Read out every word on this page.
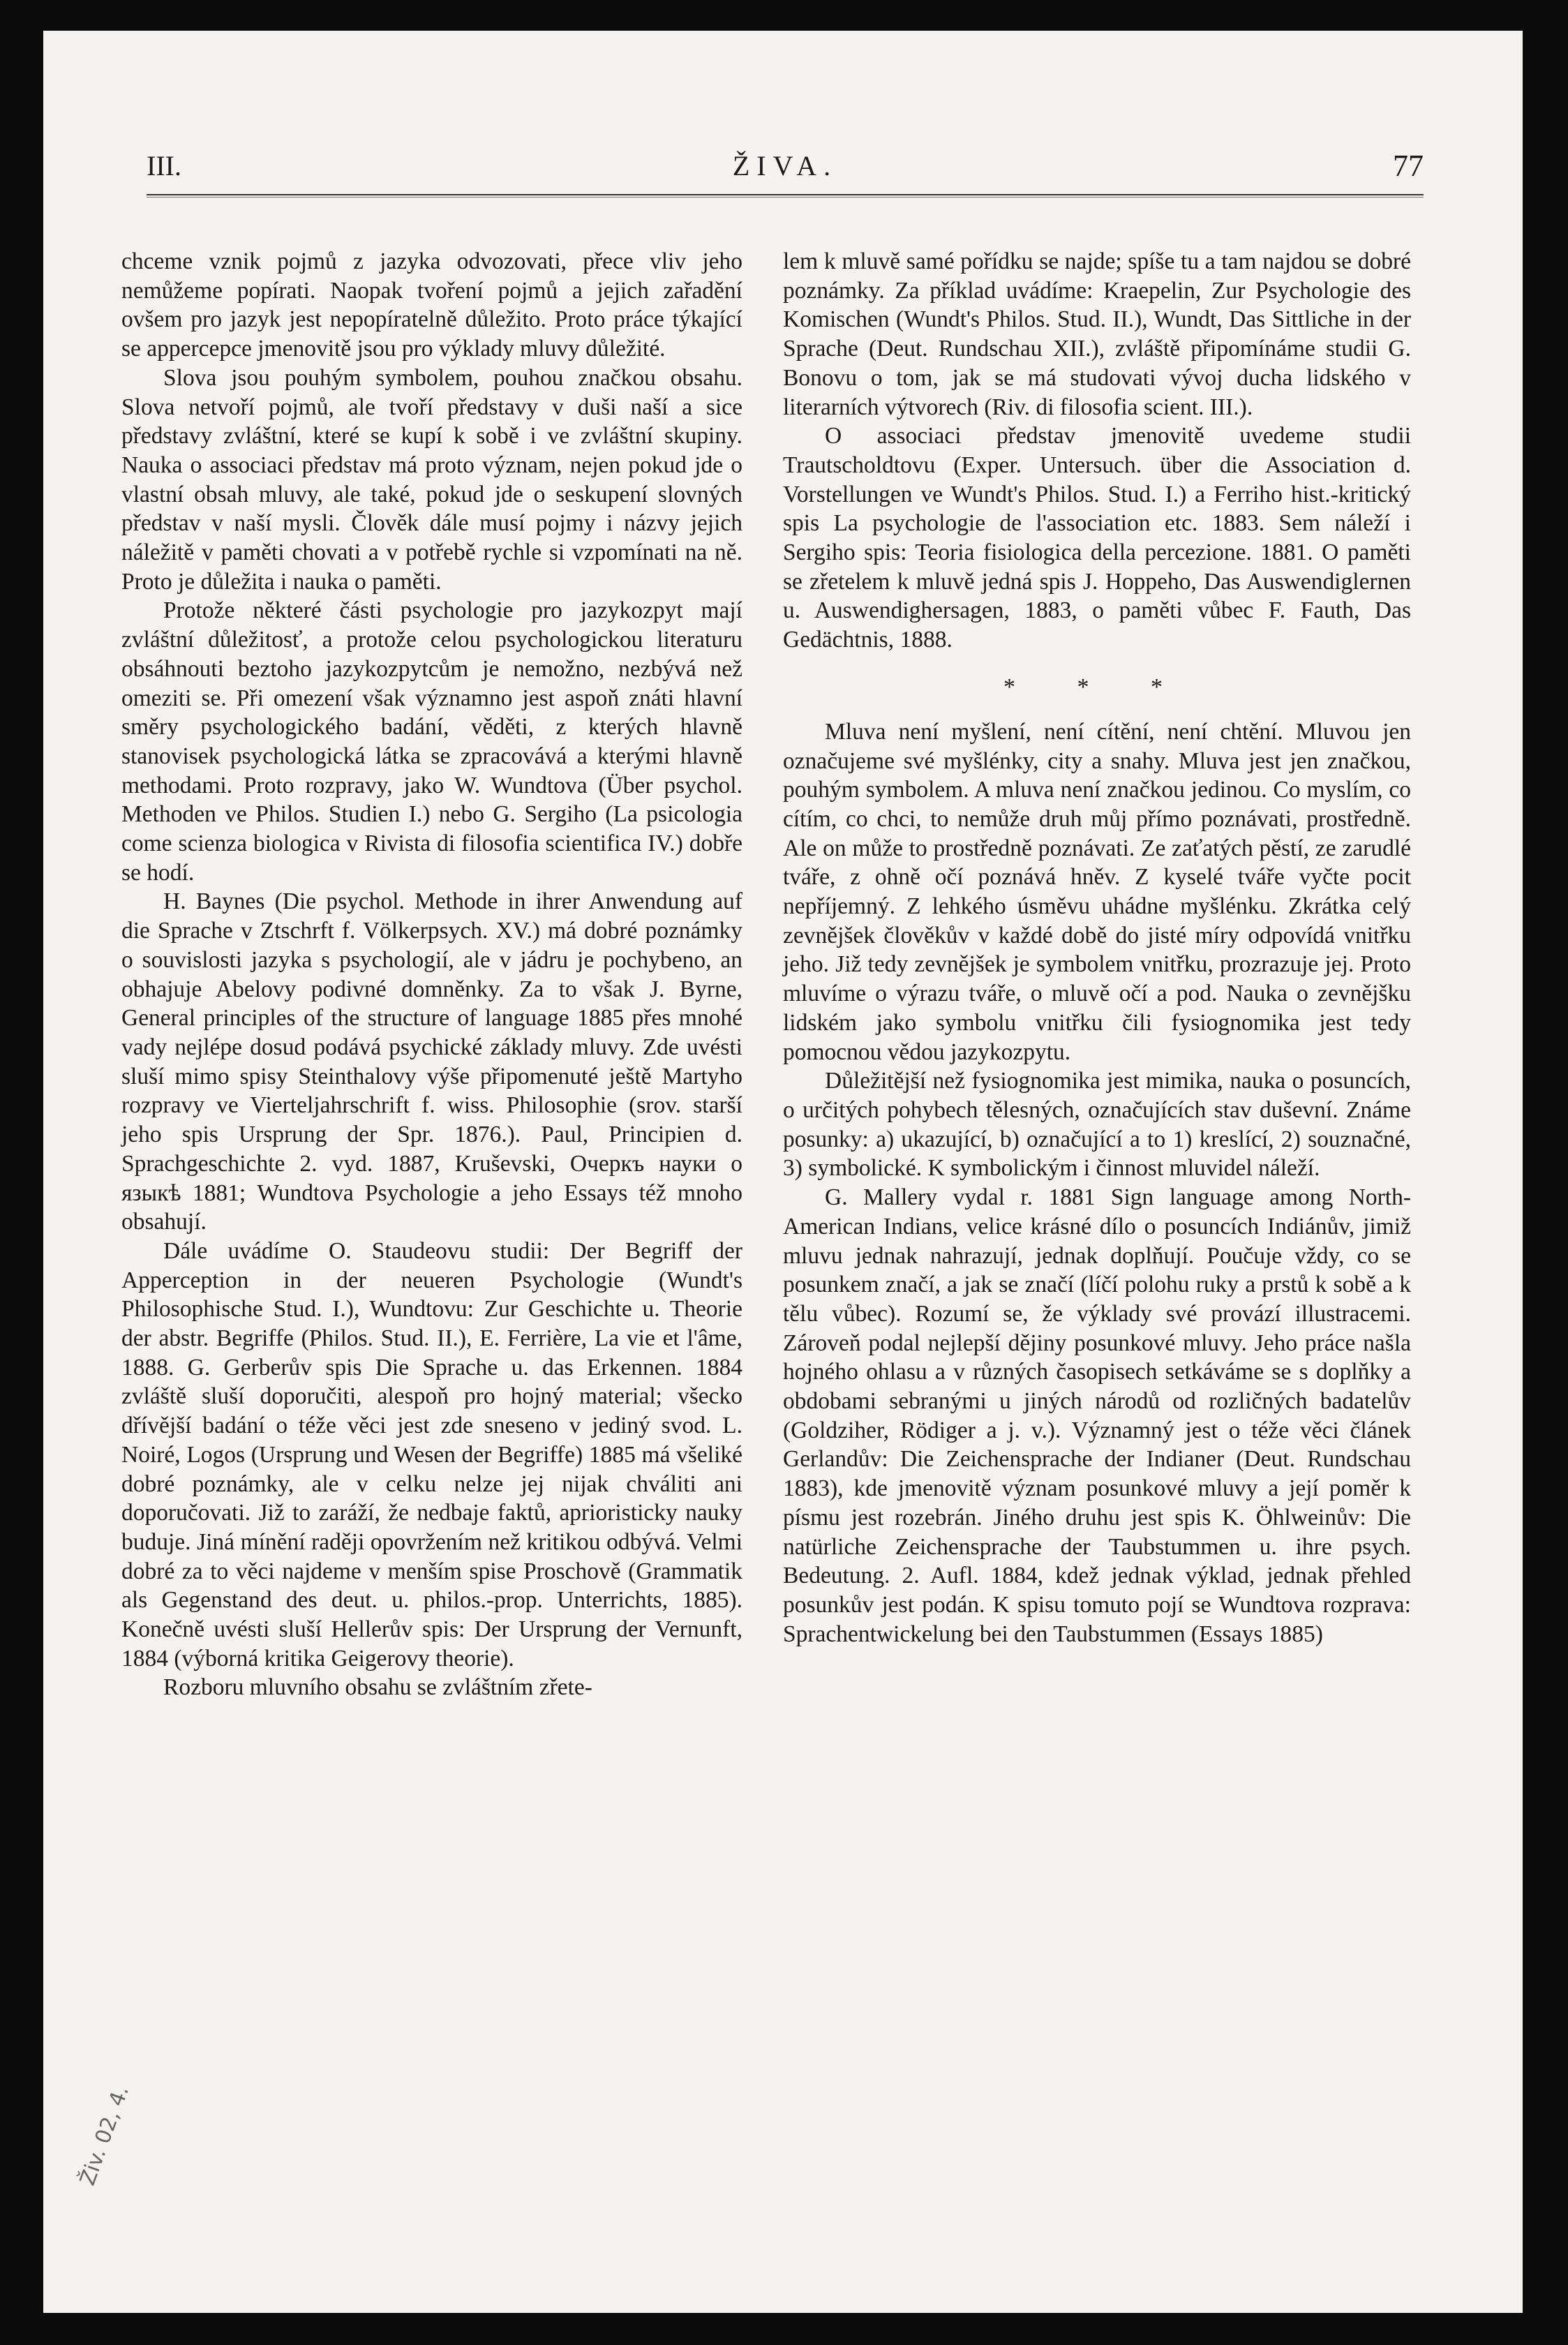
III.	ŽIVA.	77

chceme vznik pojmů z jazyka odvozovati, přece vliv jeho nemůžeme popírati. Naopak tvoření pojmů a jejich zařadění ovšem pro jazyk jest nepopíratelně důležito. Proto práce týkající se appercepce jmenovitě jsou pro výklady mluvy důležité.

Slova jsou pouhým symbolem, pouhou značkou obsahu. Slova netvoří pojmů, ale tvoří představy v duši naší a sice představy zvláštní, které se kupí k sobě i ve zvláštní skupiny. Nauka o associaci představ má proto význam, nejen pokud jde o vlastní obsah mluvy, ale také, pokud jde o seskupení slovných představ v naší mysli. Člověk dále musí pojmy i názvy jejich náležitě v paměti chovati a v potřebě rychle si vzpomínati na ně. Proto je důležita i nauka o paměti.

Protože některé části psychologie pro jazykozpyt mají zvláštní důležitosť, a protože celou psychologickou literaturu obsáhnouti beztoho jazykozpytcům je nemožno, nezbývá než omeziti se. Při omezení však významno jest aspoň znáti hlavní směry psychologického badání, věděti, z kterých hlavně stanovisek psychologická látka se zpracovává a kterými hlavně methodami. Proto rozpravy, jako W. Wundtova (Über psychol. Methoden ve Philos. Studien I.) nebo G. Sergiho (La psicologia come scienza biologica v Rivista di filosofia scientifica IV.) dobře se hodí.

H. Baynes (Die psychol. Methode in ihrer Anwendung auf die Sprache v Ztschrft f. Völkerpsych. XV.) má dobré poznámky o souvislosti jazyka s psychologií, ale v jádru je pochybeno, an obhajuje Abelovy podivné domněnky. Za to však J. Byrne, General principles of the structure of language 1885 přes mnohé vady nejlépe dosud podává psychické základy mluvy. Zde uvésti sluší mimo spisy Steinthalovy výše připomenuté ještě Martyho rozpravy ve Vierteljahrschrift f. wiss. Philosophie (srov. starší jeho spis Ursprung der Spr. 1876.). Paul, Principien d. Sprachgeschichte 2. vyd. 1887, Kruševski, Очеркъ науки о языкѣ 1881; Wundtova Psychologie a jeho Essays též mnoho obsahují.

Dále uvádíme O. Staudeovu studii: Der Begriff der Apperception in der neueren Psychologie (Wundt's Philosophische Stud. I.), Wundtovu: Zur Geschichte u. Theorie der abstr. Begriffe (Philos. Stud. II.), E. Ferrière, La vie et l'âme, 1888. G. Gerberův spis Die Sprache u. das Erkennen. 1884 zvláště sluší doporučiti, alespoň pro hojný material; všecko dřívější badání o téže věci jest zde sneseno v jediný svod. L. Noiré, Logos (Ursprung und Wesen der Begriffe) 1885 má všeliké dobré poznámky, ale v celku nelze jej nijak chváliti ani doporučovati. Již to zaráží, že nedbaje faktů, aprioristicky nauky buduje. Jiná mínění raději opovržením než kritikou odbývá. Velmi dobré za to věci najdeme v menším spise Proschově (Grammatik als Gegenstand des deut. u. philos.-prop. Unterrichts, 1885). Konečně uvésti sluší Hellerův spis: Der Ursprung der Vernunft, 1884 (výborná kritika Geigerovy theorie).

Rozboru mluvního obsahu se zvláštním zřete-

lem k mluvě samé pořídku se najde; spíše tu a tam najdou se dobré poznámky. Za příklad uvádíme: Kraepelin, Zur Psychologie des Komischen (Wundt's Philos. Stud. II.), Wundt, Das Sittliche in der Sprache (Deut. Rundschau XII.), zvláště připomínáme studii G. Bonovu o tom, jak se má studovati vývoj ducha lidského v literarních výtvorech (Riv. di filosofia scient. III.).

O associaci představ jmenovitě uvedeme studii Trautscholdtovu (Exper. Untersuch. über die Association d. Vorstellungen ve Wundt's Philos. Stud. I.) a Ferriho hist.-kritický spis La psychologie de l'association etc. 1883. Sem náleží i Sergiho spis: Teoria fisiologica della percezione. 1881. O paměti se zřetelem k mluvě jedná spis J. Hoppeho, Das Auswendiglernen u. Auswendighersagen, 1883, o paměti vůbec F. Fauth, Das Gedächtnis, 1888.

* * *

Mluva není myšlení, není cítění, není chtění. Mluvou jen označujeme své myšlénky, city a snahy. Mluva jest jen značkou, pouhým symbolem. A mluva není značkou jedinou. Co myslím, co cítím, co chci, to nemůže druh můj přímo poznávati, prostředně. Ale on může to prostředně poznávati. Ze zaťatých pěstí, ze zarudlé tváře, z ohně očí poznává hněv. Z kyselé tváře vyčte pocit nepříjemný. Z lehkého úsměvu uhádne myšlénku. Zkrátka celý zevnějšek člověkův v každé době do jisté míry odpovídá vnitřku jeho. Již tedy zevnějšek je symbolem vnitřku, prozrazuje jej. Proto mluvíme o výrazu tváře, o mluvě očí a pod. Nauka o zevnějšku lidském jako symbolu vnitřku čili fysiognomika jest tedy pomocnou vědou jazykozpytu.

Důležitější než fysiognomika jest mimika, nauka o posuncích, o určitých pohybech tělesných, označujících stav duševní. Známe posunky: a) ukazující, b) označující a to 1) kreslící, 2) souznačné, 3) symbolické. K symbolickým i činnost mluvidel náleží.

G. Mallery vydal r. 1881 Sign language among North-American Indians, velice krásné dílo o posuncích Indiánův, jimiž mluvu jednak nahrazují, jednak doplňují. Poučuje vždy, co se posunkem značí, a jak se značí (líčí polohu ruky a prstů k sobě a k tělu vůbec). Rozumí se, že výklady své provází illustracemi. Zároveň podal nejlepší dějiny posunkové mluvy. Jeho práce našla hojného ohlasu a v různých časopisech setkáváme se s doplňky a obdobami sebranými u jiných národů od rozličných badatelův (Goldziher, Rödiger a j. v.). Významný jest o téže věci článek Gerlandův: Die Zeichensprache der Indianer (Deut. Rundschau 1883), kde jmenovitě význam posunkové mluvy a její poměr k písmu jest rozebrán. Jiného druhu jest spis K. Öhlweinův: Die natürliche Zeichensprache der Taubstummen u. ihre psych. Bedeutung. 2. Aufl. 1884, kdež jednak výklad, jednak přehled posunkův jest podán. K spisu tomuto pojí se Wundtova rozprava: Sprachentwickelung bei den Taubstummen (Essays 1885)

Živ. 02, 4.
